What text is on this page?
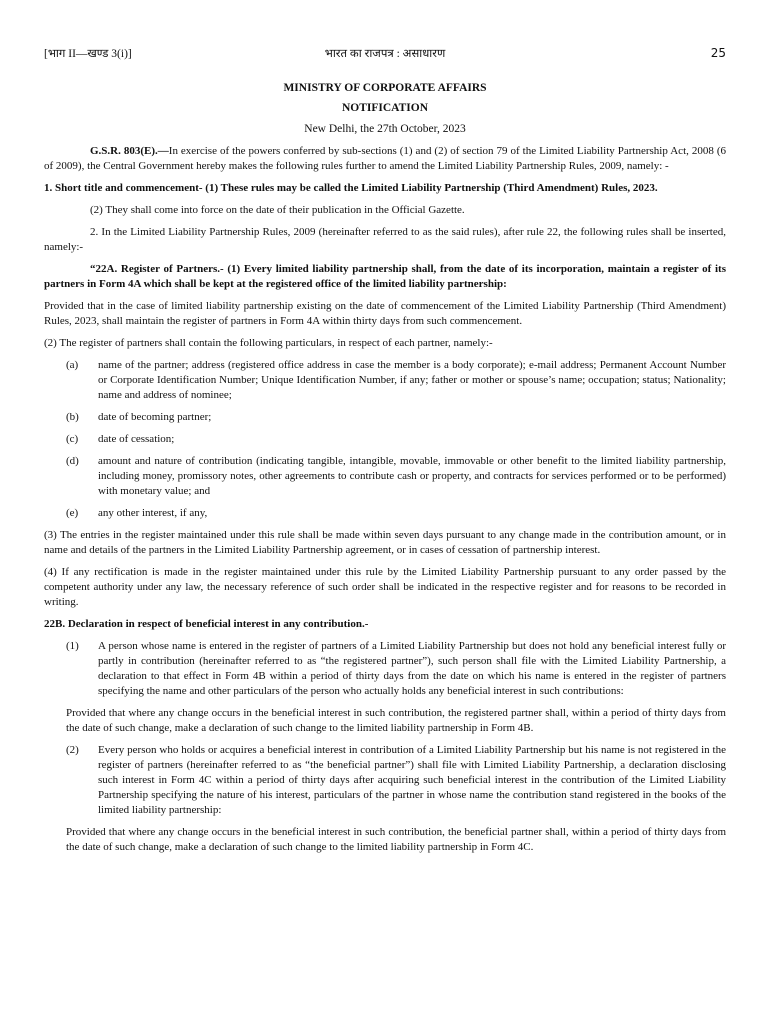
[भाग II—खण्ड 3(i)]	भारत का राजपत्र : असाधारण	25
MINISTRY OF CORPORATE AFFAIRS
NOTIFICATION
New Delhi, the 27th October, 2023

G.S.R. 803(E).—In exercise of the powers conferred by sub-sections (1) and (2) of section 79 of the Limited Liability Partnership Act, 2008 (6 of 2009), the Central Government hereby makes the following rules further to amend the Limited Liability Partnership Rules, 2009, namely: -

1. Short title and commencement- (1) These rules may be called the Limited Liability Partnership (Third Amendment) Rules, 2023.

(2) They shall come into force on the date of their publication in the Official Gazette.

2. In the Limited Liability Partnership Rules, 2009 (hereinafter referred to as the said rules), after rule 22, the following rules shall be inserted, namely:-

“22A. Register of Partners.- (1) Every limited liability partnership shall, from the date of its incorporation, maintain a register of its partners in Form 4A which shall be kept at the registered office of the limited liability partnership:

Provided that in the case of limited liability partnership existing on the date of commencement of the Limited Liability Partnership (Third Amendment) Rules, 2023, shall maintain the register of partners in Form 4A within thirty days from such commencement.

(2) The register of partners shall contain the following particulars, in respect of each partner, namely:-

(a)	name of the partner; address (registered office address in case the member is a body corporate); e-mail address; Permanent Account Number or Corporate Identification Number; Unique Identification Number, if any; father or mother or spouse’s name; occupation; status; Nationality; name and address of nominee;
(b)	date of becoming partner;
(c)	date of cessation;
(d)	amount and nature of contribution (indicating tangible, intangible, movable, immovable or other benefit to the limited liability partnership, including money, promissory notes, other agreements to contribute cash or property, and contracts for services performed or to be performed) with monetary value; and
(e)	any other interest, if any,

(3) The entries in the register maintained under this rule shall be made within seven days pursuant to any change made in the contribution amount, or in name and details of the partners in the Limited Liability Partnership agreement, or in cases of cessation of partnership interest.

(4) If any rectification is made in the register maintained under this rule by the Limited Liability Partnership pursuant to any order passed by the competent authority under any law, the necessary reference of such order shall be indicated in the respective register and for reasons to be recorded in writing.

22B. Declaration in respect of beneficial interest in any contribution.-

(1)	A person whose name is entered in the register of partners of a Limited Liability Partnership but does not hold any beneficial interest fully or partly in contribution (hereinafter referred to as “the registered partner”), such person shall file with the Limited Liability Partnership, a declaration to that effect in Form 4B within a period of thirty days from the date on which his name is entered in the register of partners specifying the name and other particulars of the person who actually holds any beneficial interest in such contributions:

Provided that where any change occurs in the beneficial interest in such contribution, the registered partner shall, within a period of thirty days from the date of such change, make a declaration of such change to the limited liability partnership in Form 4B.

(2)	Every person who holds or acquires a beneficial interest in contribution of a Limited Liability Partnership but his name is not registered in the register of partners (hereinafter referred to as “the beneficial partner”) shall file with Limited Liability Partnership, a declaration disclosing such interest in Form 4C within a period of thirty days after acquiring such beneficial interest in the contribution of the Limited Liability Partnership specifying the nature of his interest, particulars of the partner in whose name the contribution stand registered in the books of the limited liability partnership:

Provided that where any change occurs in the beneficial interest in such contribution, the beneficial partner shall, within a period of thirty days from the date of such change, make a declaration of such change to the limited liability partnership in Form 4C.
